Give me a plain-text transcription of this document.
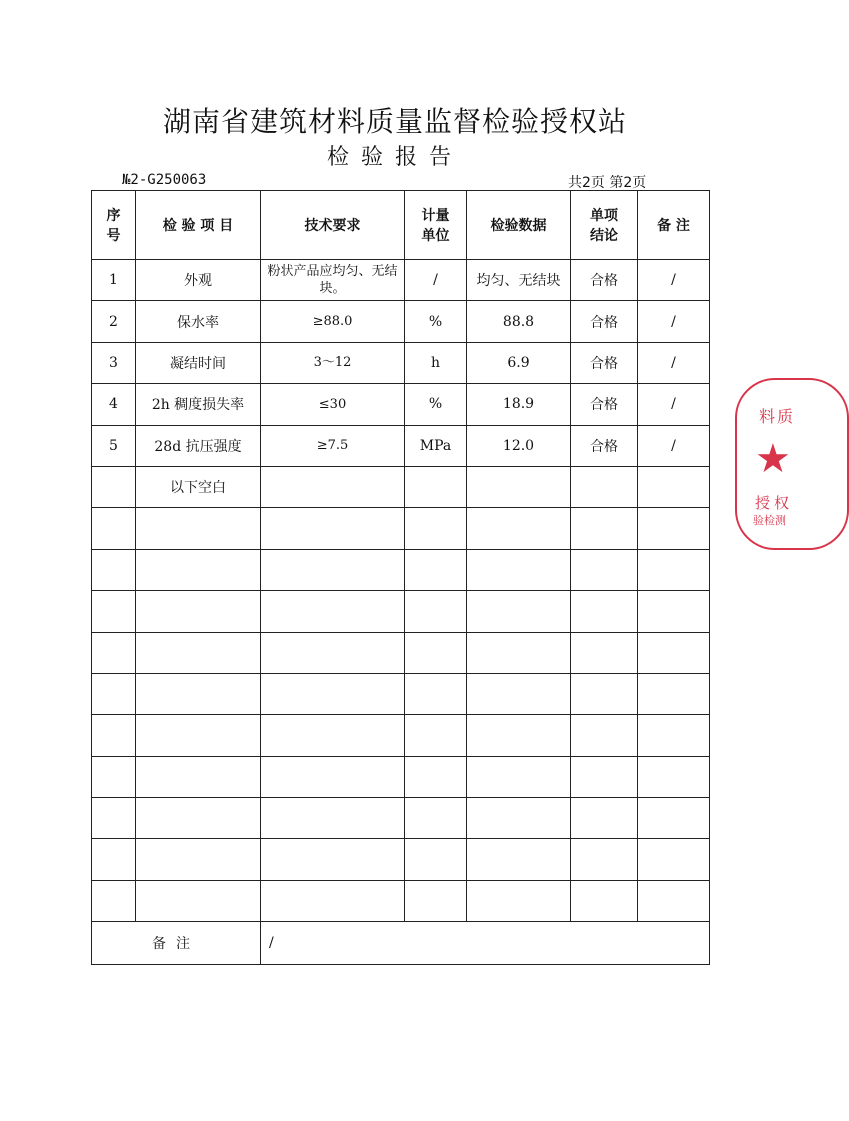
湖南省建筑材料质量监督检验授权站
检验报告
№2-G250063	共2页 第2页
序号	检 验 项 目	技术要求	计量单位	检验数据	单项结论	备 注
1	外观	粉状产品应均匀、无结块。	/	均匀、无结块	合格	/
2	保水率	≥88.0	%	88.8	合格	/
3	凝结时间	3～12	h	6.9	合格	/
4	2h 稠度损失率	≤30	%	18.9	合格	/
5	28d 抗压强度	≥7.5	MPa	12.0	合格	/
	以下空白					

备注		/				
料质
★
授权
验检测
